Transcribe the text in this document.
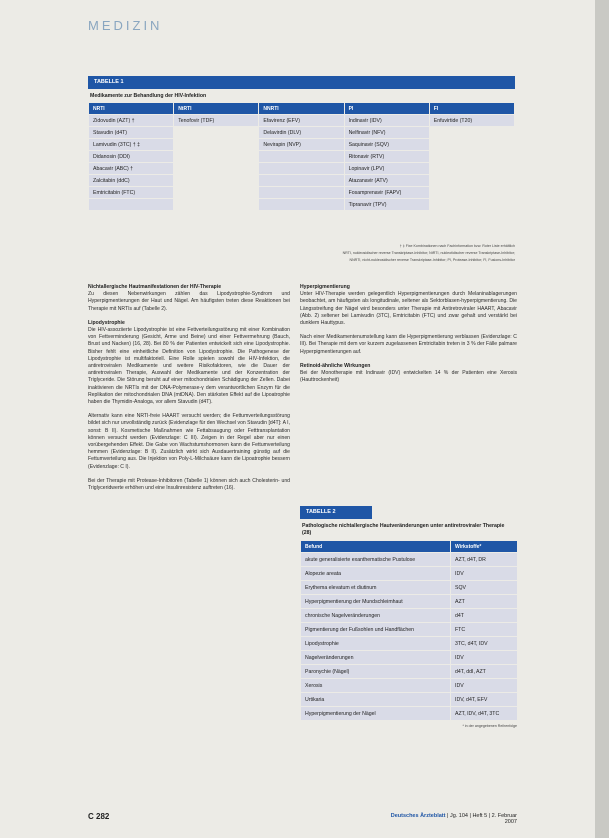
MEDIZIN
TABELLE 1
Medikamente zur Behandlung der HIV-Infektion
NRTI	NtRTI	NNRTI	PI	FI
Zidovudin (AZT) †	Tenofovir (TDF)	Efavirenz (EFV)	Indinavir (IDV)	Enfuvirtide (T20)
Stavudin (d4T)		Delavirdin (DLV)	Nelfinavir (NFV)	
Lamivudin (3TC) † ‡		Nevirapin (NVP)	Saquinavir (SQV)	
Didanosin (DDI)			Ritonavir (RTV)	
Abacavir (ABC) †			Lopinavir (LPV)	
Zalcitabin (ddC)			Atazanavir (ATV)	
Emtricitabin (FTC)			Fosamprenavir (FAPV)	
			Tipranavir (TPV)	
† ‡ Fixe Kombinationen nach Fachinformation bzw. Roter Liste erhältlich
NRTI, nukleosidischer reverse Transkriptase-Inhibitor; NtRTI, nukleotidischer reverse Transkriptase-Inhibitor;
NNRTI, nicht-nukleosidischer reverse Transkriptase-Inhibitor; PI, Protease-Inhibitor; FI, Fusions-Inhibitor
Nichtallergische Hautmanifestationen der HIV-Therapie

Zu diesen Nebenwirkungen zählen das Lipodystrophie-Syndrom und Hyperpigmentierungen der Haut und Nägel. Am häufigsten treten diese Reaktionen bei Therapie mit NRTIs auf (Tabelle 2).

Lipodystrophie

Die HIV-assoziierte Lipodystrophie ist eine Fettverteilungsstörung mit einer Kombination von Fettverminderung (Gesicht, Arme und Beine) und einer Fettvermehrung (Bauch, Brust und Nacken) (16, 28). Bei 80 % der Patienten entwickelt sich eine Lipodystrophie. Bisher fehlt eine einheitliche Definition von Lipodystrophie. Die Pathogenese der Lipodystrophie ist multifaktoriell. Eine Rolle spielen sowohl die HIV-Infektion, die antiretroviralen Medikamente und weitere Risikofaktoren, wie die Dauer der antiretroviralen Therapie, Auswahl der Medikamente und der Konzentration der Triglyceride. Die Störung beruht auf einer mitochondrialen Schädigung der Zellen. Dabei inaktivieren die NRTIs mit der DNA-Polymerase-γ dem verantwortlichen Enzym für die Replikation der mitochondrialen DNA (mtDNA). Den stärksten Effekt auf die Lipoatrophie haben die Thymidin-Analoga, vor allem Stavudin (d4T).

Alternativ kann eine NRTI-freie HAART versucht werden; die Fettumverteilungsstörung bildet sich nur unvollständig zurück (Evidenzlage für den Wechsel von Stavudin [d4T]: A I, sonst: B II). Kosmetische Maßnahmen wie Fettabsaugung oder Fetttransplantation können versucht werden (Evidenzlage: C III). Zeigen in der Regel aber nur einen vorübergehenden Effekt. Die Gabe von Wachstumshormonen kann die Fettumverteilung hemmen (Evidenzlage: B II). Zusätzlich wirkt sich Ausdauertraining günstig auf die Fettumverteilung aus. Die Injektion von Poly-L-Milchsäure kann die Lipoatrophie bessern (Evidenzlage: C I).

Bei der Therapie mit Protease-Inhibitoren (Tabelle 1) können sich auch Cholesterin- und Triglyceridwerte erhöhen und eine Insulinresistenz auftreten (16).

Hyperpigmentierung

Unter HIV-Therapie werden gelegentlich Hyperpigmentierungen durch Melaninablagerungen beobachtet, am häufigsten als longitudinale, seltener als Sektorblasen-hyperpigmentierung. Die Längsstreifung der Nägel wird besonders unter Therapie mit Antiretroviraler HAART, Abacavir (Abb. 2) seltener bei Lamivudin (3TC), Emtricitabin (FTC) und zwar gehalt und verstärkt bei dunklem Hauttypus.

Nach einer Medikamentenumstellung kann die Hyperpigmentierung verblassen (Evidenzlage: C III). Bei Therapie mit dem vor kurzem zugelassenen Emtricitabin treten in 3 % der Fälle palmare Hyperpigmentierungen auf.

Retinoid-ähnliche Wirkungen

Bei der Monotherapie mit Indinavir (IDV) entwickelten 14 % der Patienten eine Xerosis (Hauttrockenheit)

TABELLE 2
Pathologische nichtallergische Hautveränderungen unter antiretroviraler Therapie (28)
Befund	Wirkstoffe*
akute generalisierte exanthematische Pustulose	AZT, d4T, DR
Alopezie areata	IDV
Erythema elevatum et diutinum	SQV
Hyperpigmentierung der Mundschleimhaut	AZT
chronische Nagelveränderungen	d4T
Pigmentierung der Fußsohlen und Handflächen	FTC
Lipodystrophie	3TC, d4T, IDV
Nagelveränderungen	IDV
Paronychie (Nägel)	d4T, ddI, AZT
Xerosis	IDV
Urtikaria	IDV, d4T, EFV
Hyperpigmentierung der Nägel	AZT, IDV, d4T, 3TC
* in der angegebenen Reihenfolge
C 282	Deutsches Ärzteblatt | Jg. 104 | Heft 5 | 2. Februar 2007
